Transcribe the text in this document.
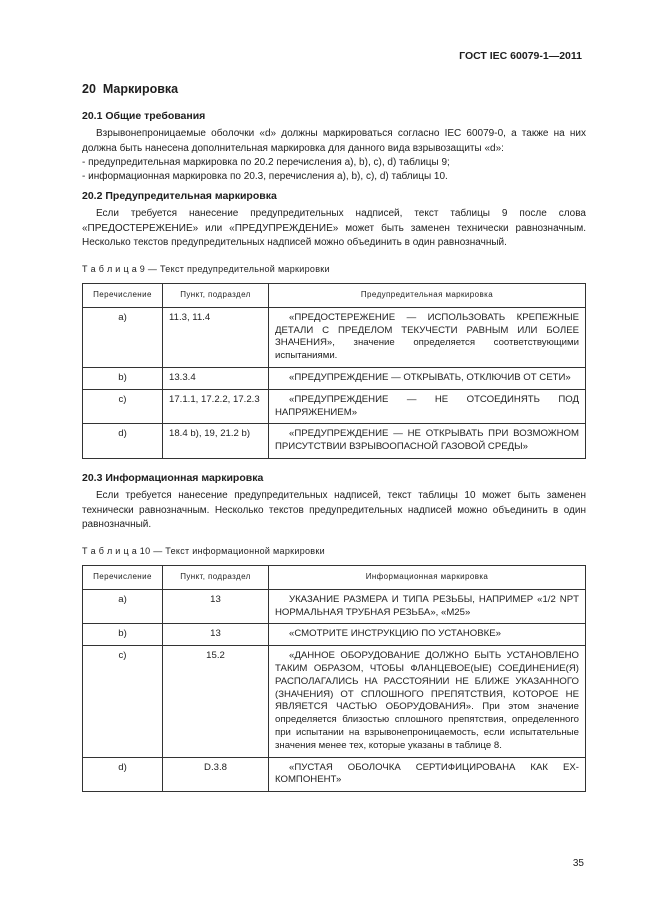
ГОСТ IEC 60079-1—2011
20 Маркировка
20.1 Общие требования
Взрывонепроницаемые оболочки «d» должны маркироваться согласно IEC 60079-0, а также на них должна быть нанесена дополнительная маркировка для данного вида взрывозащиты «d»:
- предупредительная маркировка по 20.2 перечисления а), b), с), d) таблицы 9;
- информационная маркировка по 20.3, перечисления а), b), с), d) таблицы 10.
20.2 Предупредительная маркировка
Если требуется нанесение предупредительных надписей, текст таблицы 9 после слова «ПРЕДОСТЕРЕЖЕНИЕ» или «ПРЕДУПРЕЖДЕНИЕ» может быть заменен технически равнозначным. Несколько текстов предупредительных надписей можно объединить в один равнозначный.
Т а б л и ц а 9 — Текст предупредительной маркировки
Перечисление	Пункт, подраздел	Предупредительная маркировка
a)	11.3, 11.4	«ПРЕДОСТЕРЕЖЕНИЕ — ИСПОЛЬЗОВАТЬ КРЕПЕЖНЫЕ ДЕТАЛИ С ПРЕДЕЛОМ ТЕКУЧЕСТИ РАВНЫМ ИЛИ БОЛЕЕ ЗНАЧЕНИЯ», значение определяется соответствующими испытаниями.
b)	13.3.4	«ПРЕДУПРЕЖДЕНИЕ — ОТКРЫВАТЬ, ОТКЛЮЧИВ ОТ СЕТИ»
c)	17.1.1, 17.2.2, 17.2.3	«ПРЕДУПРЕЖДЕНИЕ — НЕ ОТСОЕДИНЯТЬ ПОД НАПРЯЖЕНИЕМ»
d)	18.4 b), 19, 21.2 b)	«ПРЕДУПРЕЖДЕНИЕ — НЕ ОТКРЫВАТЬ ПРИ ВОЗМОЖНОМ ПРИСУТСТВИИ ВЗРЫВООПАСНОЙ ГАЗОВОЙ СРЕДЫ»
20.3 Информационная маркировка
Если требуется нанесение предупредительных надписей, текст таблицы 10 может быть заменен технически равнозначным. Несколько текстов предупредительных надписей можно объединить в один равнозначный.
Т а б л и ц а 10 — Текст информационной маркировки
Перечисление	Пункт, подраздел	Информационная маркировка
a)	13	УКАЗАНИЕ РАЗМЕРА И ТИПА РЕЗЬБЫ, НАПРИМЕР «1/2 NPT НОРМАЛЬНАЯ ТРУБНАЯ РЕЗЬБА», «M25»
b)	13	«СМОТРИТЕ ИНСТРУКЦИЮ ПО УСТАНОВКЕ»
c)	15.2	«ДАННОЕ ОБОРУДОВАНИЕ ДОЛЖНО БЫТЬ УСТАНОВЛЕНО ТАКИМ ОБРАЗОМ, ЧТОБЫ ФЛАНЦЕВОЕ(ЫЕ) СОЕДИНЕНИЕ(Я) РАСПОЛАГАЛИСЬ НА РАССТОЯНИИ НЕ БЛИЖЕ УКАЗАННОГО (ЗНАЧЕНИЯ) ОТ СПЛОШНОГО ПРЕПЯТСТВИЯ, КОТОРОЕ НЕ ЯВЛЯЕТСЯ ЧАСТЬЮ ОБОРУДОВАНИЯ». При этом значение определяется близостью сплошного препятствия, определенного при испытании на взрывонепроницаемость, если испытательные значения менее тех, которые указаны в таблице 8.
d)	D.3.8	«ПУСТАЯ ОБОЛОЧКА СЕРТИФИЦИРОВАНА КАК EX-КОМПОНЕНТ»
35
